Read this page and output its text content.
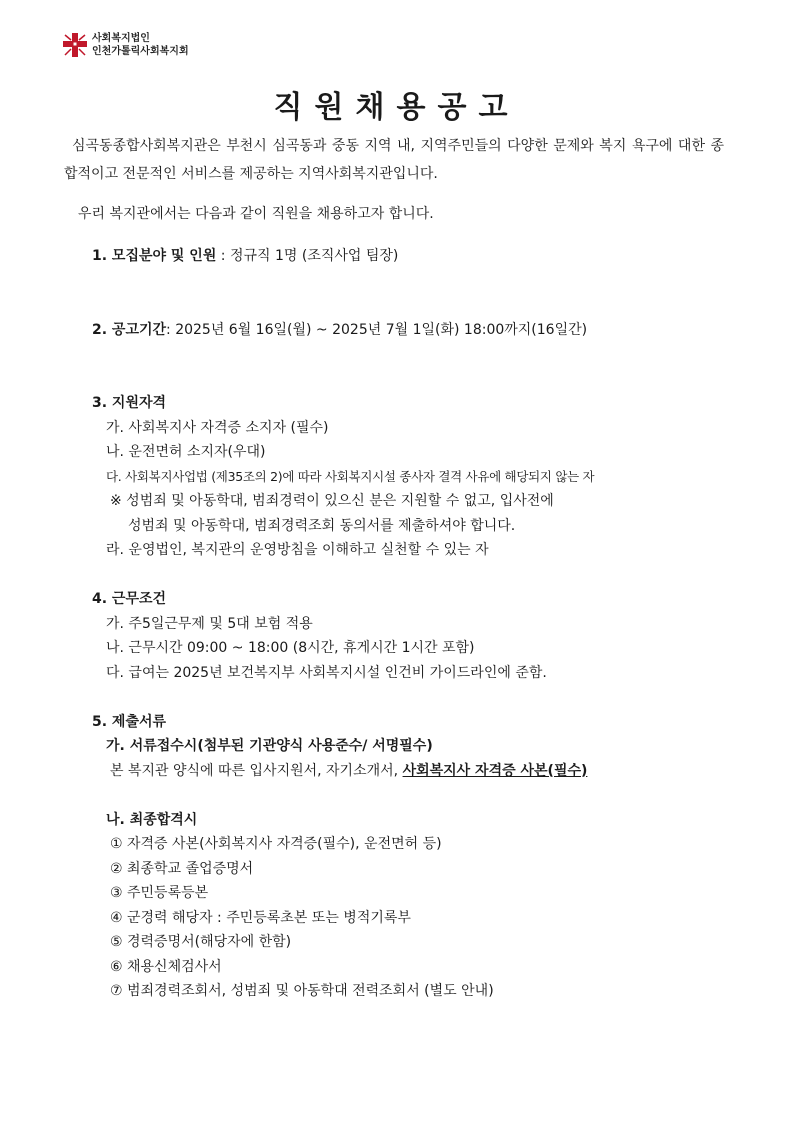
사회복지법인
인천가톨릭사회복지회
직원채용공고

심곡동종합사회복지관은 부천시 심곡동과 중동 지역 내, 지역주민들의 다양한 문제와 복지 욕구에 대한 종합적이고 전문적인 서비스를 제공하는 지역사회복지관입니다.

우리 복지관에서는 다음과 같이 직원을 채용하고자 합니다.

1. 모집분야 및 인원 : 정규직 1명 (조직사업 팀장)
2. 공고기간: 2025년 6월 16일(월) ~ 2025년 7월 1일(화) 18:00까지(16일간)
3. 지원자격
가. 사회복지사 자격증 소지자 (필수)
나. 운전면허 소지자(우대)
다. 사회복지사업법 (제35조의 2)에 따라 사회복지시설 종사자 결격 사유에 해당되지 않는 자
※ 성범죄 및 아동학대, 범죄경력이 있으신 분은 지원할 수 없고, 입사전에
성범죄 및 아동학대, 범죄경력조회 동의서를 제출하셔야 합니다.
라. 운영법인, 복지관의 운영방침을 이해하고 실천할 수 있는 자
4. 근무조건
가. 주5일근무제 및 5대 보험 적용
나. 근무시간 09:00 ~ 18:00 (8시간, 휴게시간 1시간 포함)
다. 급여는 2025년 보건복지부 사회복지시설 인건비 가이드라인에 준함.
5. 제출서류
가. 서류접수시(첨부된 기관양식 사용준수/ 서명필수)
본 복지관 양식에 따른 입사지원서, 자기소개서, 사회복지사 자격증 사본(필수)
나. 최종합격시
① 자격증 사본(사회복지사 자격증(필수), 운전면허 등)
② 최종학교 졸업증명서
③ 주민등록등본
④ 군경력 해당자 : 주민등록초본 또는 병적기록부
⑤ 경력증명서(해당자에 한함)
⑥ 채용신체검사서
⑦ 범죄경력조회서, 성범죄 및 아동학대 전력조회서 (별도 안내)
